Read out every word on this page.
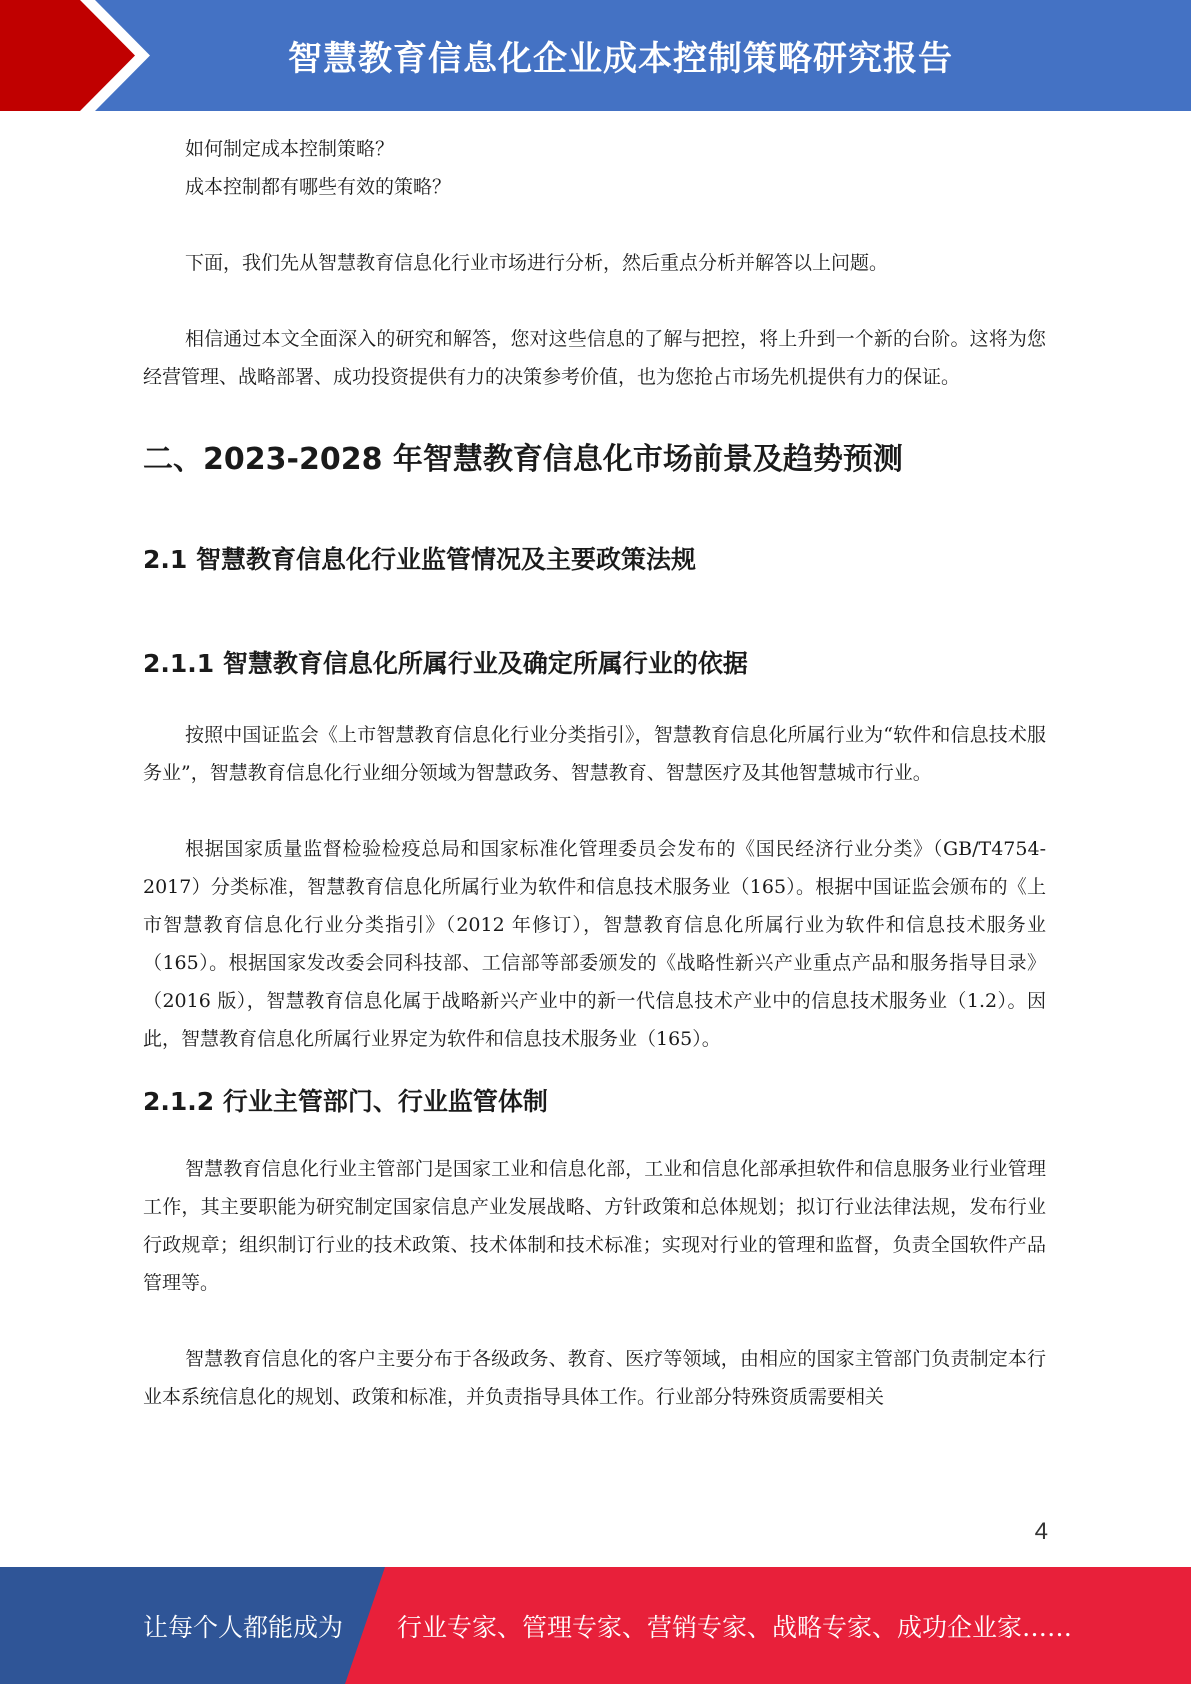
智慧教育信息化企业成本控制策略研究报告

如何制定成本控制策略？

成本控制都有哪些有效的策略？

下面，我们先从智慧教育信息化行业市场进行分析，然后重点分析并解答以上问题。

相信通过本文全面深入的研究和解答，您对这些信息的了解与把控，将上升到一个新的台阶。这将为您经营管理、战略部署、成功投资提供有力的决策参考价值，也为您抢占市场先机提供有力的保证。

二、2023-2028 年智慧教育信息化市场前景及趋势预测
2.1 智慧教育信息化行业监管情况及主要政策法规
2.1.1 智慧教育信息化所属行业及确定所属行业的依据

按照中国证监会《上市智慧教育信息化行业分类指引》，智慧教育信息化所属行业为“软件和信息技术服务业”，智慧教育信息化行业细分领域为智慧政务、智慧教育、智慧医疗及其他智慧城市行业。

根据国家质量监督检验检疫总局和国家标准化管理委员会发布的《国民经济行业分类》（GB/T4754-2017）分类标准，智慧教育信息化所属行业为软件和信息技术服务业（165）。根据中国证监会颁布的《上市智慧教育信息化行业分类指引》（2012 年修订），智慧教育信息化所属行业为软件和信息技术服务业（165）。根据国家发改委会同科技部、工信部等部委颁发的《战略性新兴产业重点产品和服务指导目录》（2016 版），智慧教育信息化属于战略新兴产业中的新一代信息技术产业中的信息技术服务业（1.2）。因此，智慧教育信息化所属行业界定为软件和信息技术服务业（165）。

2.1.2 行业主管部门、行业监管体制

智慧教育信息化行业主管部门是国家工业和信息化部，工业和信息化部承担软件和信息服务业行业管理工作，其主要职能为研究制定国家信息产业发展战略、方针政策和总体规划；拟订行业法律法规，发布行业行政规章；组织制订行业的技术政策、技术体制和技术标准；实现对行业的管理和监督，负责全国软件产品管理等。

智慧教育信息化的客户主要分布于各级政务、教育、医疗等领域，由相应的国家主管部门负责制定本行业本系统信息化的规划、政策和标准，并负责指导具体工作。行业部分特殊资质需要相关

4
让每个人都能成为 行业专家、管理专家、营销专家、战略专家、成功企业家……
